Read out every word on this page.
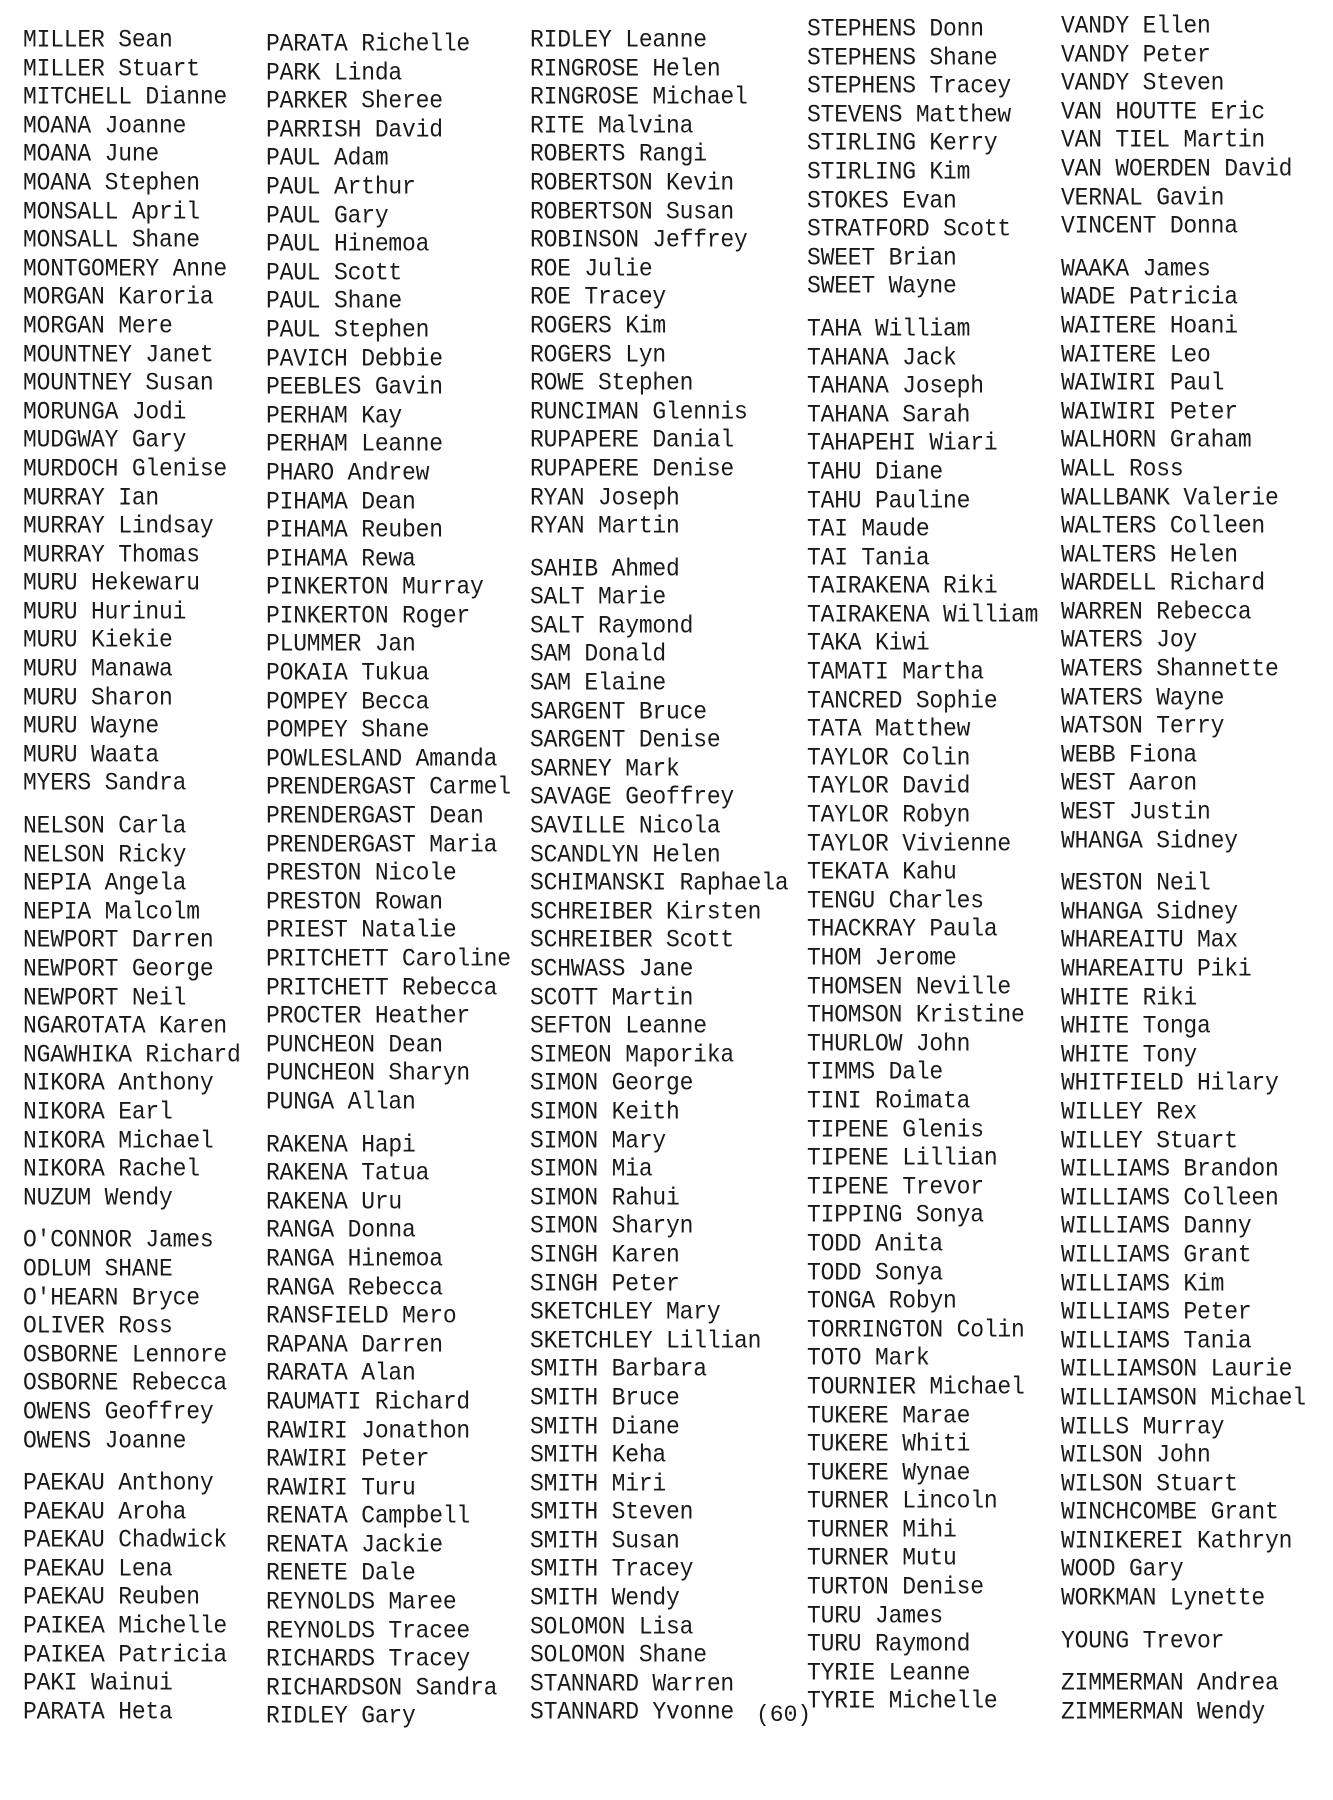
MILLER Sean
MILLER Stuart
MITCHELL Dianne
MOANA Joanne
MOANA June
MOANA Stephen
MONSALL April
MONSALL Shane
MONTGOMERY Anne
MORGAN Karoria
MORGAN Mere
MOUNTNEY Janet
MOUNTNEY Susan
MORUNGA Jodi
MUDGWAY Gary
MURDOCH Glenise
MURRAY Ian
MURRAY Lindsay
MURRAY Thomas
MURU Hekewaru
MURU Hurinui
MURU Kiekie
MURU Manawa
MURU Sharon
MURU Wayne
MURU Waata
MYERS Sandra
NELSON Carla
NELSON Ricky
NEPIA Angela
NEPIA Malcolm
NEWPORT Darren
NEWPORT George
NEWPORT Neil
NGAROTATA Karen
NGAWHIKA Richard
NIKORA Anthony
NIKORA Earl
NIKORA Michael
NIKORA Rachel
NUZUM Wendy
O'CONNOR James
ODLUM SHANE
O'HEARN Bryce
OLIVER Ross
OSBORNE Lennore
OSBORNE Rebecca
OWENS Geoffrey
OWENS Joanne
PAEKAU Anthony
PAEKAU Aroha
PAEKAU Chadwick
PAEKAU Lena
PAEKAU Reuben
PAIKEA Michelle
PAIKEA Patricia
PAKI Wainui
PARATA Heta
PARATA Richelle
PARK Linda
PARKER Sheree
PARRISH David
PAUL Adam
PAUL Arthur
PAUL Gary
PAUL Hinemoa
PAUL Scott
PAUL Shane
PAUL Stephen
PAVICH Debbie
PEEBLES Gavin
PERHAM Kay
PERHAM Leanne
PHARO Andrew
PIHAMA Dean
PIHAMA Reuben
PIHAMA Rewa
PINKERTON Murray
PINKERTON Roger
PLUMMER Jan
POKAIA Tukua
POMPEY Becca
POMPEY Shane
POWLESLAND Amanda
PRENDERGAST Carmel
PRENDERGAST Dean
PRENDERGAST Maria
PRESTON Nicole
PRESTON Rowan
PRIEST Natalie
PRITCHETT Caroline
PRITCHETT Rebecca
PROCTER Heather
PUNCHEON Dean
PUNCHEON Sharyn
PUNGA Allan
RAKENA Hapi
RAKENA Tatua
RAKENA Uru
RANGA Donna
RANGA Hinemoa
RANGA Rebecca
RANSFIELD Mero
RAPANA Darren
RARATA Alan
RAUMATI Richard
RAWIRI Jonathon
RAWIRI Peter
RAWIRI Turu
RENATA Campbell
RENATA Jackie
RENETE Dale
REYNOLDS Maree
REYNOLDS Tracee
RICHARDS Tracey
RICHARDSON Sandra
RIDLEY Gary
RIDLEY Leanne
RINGROSE Helen
RINGROSE Michael
RITE Malvina
ROBERTS Rangi
ROBERTSON Kevin
ROBERTSON Susan
ROBINSON Jeffrey
ROE Julie
ROE Tracey
ROGERS Kim
ROGERS Lyn
ROWE Stephen
RUNCIMAN Glennis
RUPAPERE Danial
RUPAPERE Denise
RYAN Joseph
RYAN Martin
SAHIB Ahmed
SALT Marie
SALT Raymond
SAM Donald
SAM Elaine
SARGENT Bruce
SARGENT Denise
SARNEY Mark
SAVAGE Geoffrey
SAVILLE Nicola
SCANDLYN Helen
SCHIMANSKI Raphaela
SCHREIBER Kirsten
SCHREIBER Scott
SCHWASS Jane
SCOTT Martin
SEFTON Leanne
SIMEON Maporika
SIMON George
SIMON Keith
SIMON Mary
SIMON Mia
SIMON Rahui
SIMON Sharyn
SINGH Karen
SINGH Peter
SKETCHLEY Mary
SKETCHLEY Lillian
SMITH Barbara
SMITH Bruce
SMITH Diane
SMITH Keha
SMITH Miri
SMITH Steven
SMITH Susan
SMITH Tracey
SMITH Wendy
SOLOMON Lisa
SOLOMON Shane
STANNARD Warren
STANNARD Yvonne
STEPHENS Donn
STEPHENS Shane
STEPHENS Tracey
STEVENS Matthew
STIRLING Kerry
STIRLING Kim
STOKES Evan
STRATFORD Scott
SWEET Brian
SWEET Wayne
TAHA William
TAHANA Jack
TAHANA Joseph
TAHANA Sarah
TAHAPEHI Wiari
TAHU Diane
TAHU Pauline
TAI Maude
TAI Tania
TAIRAKENA Riki
TAIRAKENA William
TAKA Kiwi
TAMATI Martha
TANCRED Sophie
TATA Matthew
TAYLOR Colin
TAYLOR David
TAYLOR Robyn
TAYLOR Vivienne
TEKATA Kahu
TENGU Charles
THACKRAY Paula
THOM Jerome
THOMSEN Neville
THOMSON Kristine
THURLOW John
TIMMS Dale
TINI Roimata
TIPENE Glenis
TIPENE Lillian
TIPENE Trevor
TIPPING Sonya
TODD Anita
TODD Sonya
TONGA Robyn
TORRINGTON Colin
TOTO Mark
TOURNIER Michael
TUKERE Marae
TUKERE Whiti
TUKERE Wynae
TURNER Lincoln
TURNER Mihi
TURNER Mutu
TURTON Denise
TURU James
TURU Raymond
TYRIE Leanne
TYRIE Michelle
VANDY Ellen
VANDY Peter
VANDY Steven
VAN HOUTTE Eric
VAN TIEL Martin
VAN WOERDEN David
VERNAL Gavin
VINCENT Donna
WAAKA James
WADE Patricia
WAITERE Hoani
WAITERE Leo
WAIWIRI Paul
WAIWIRI Peter
WALHORN Graham
WALL Ross
WALLBANK Valerie
WALTERS Colleen
WALTERS Helen
WARDELL Richard
WARREN Rebecca
WATERS Joy
WATERS Shannette
WATERS Wayne
WATSON Terry
WEBB Fiona
WEST Aaron
WEST Justin
WHANGA Sidney
WESTON Neil
WHANGA Sidney
WHAREAITU Max
WHAREAITU Piki
WHITE Riki
WHITE Tonga
WHITE Tony
WHITFIELD Hilary
WILLEY Rex
WILLEY Stuart
WILLIAMS Brandon
WILLIAMS Colleen
WILLIAMS Danny
WILLIAMS Grant
WILLIAMS Kim
WILLIAMS Peter
WILLIAMS Tania
WILLIAMSON Laurie
WILLIAMSON Michael
WILLS Murray
WILSON John
WILSON Stuart
WINCHCOMBE Grant
WINIKEREI Kathryn
WOOD Gary
WORKMAN Lynette
YOUNG Trevor
ZIMMERMAN Andrea
ZIMMERMAN Wendy
(60)
